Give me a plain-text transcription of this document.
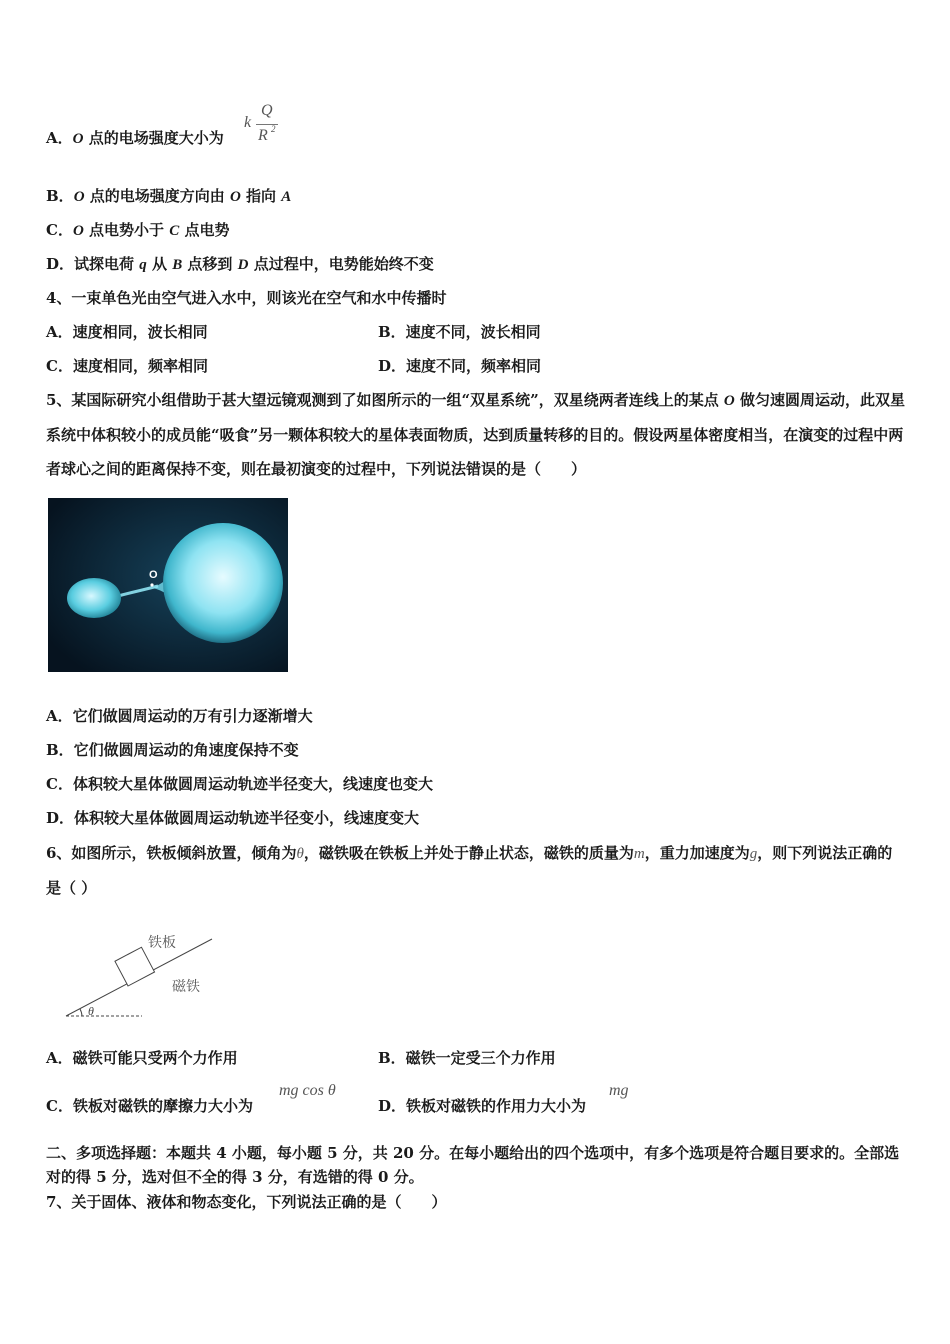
A．O 点的电场强度大小为
k
Q
R 2
B．O 点的电场强度方向由 O 指向 A
C．O 点电势小于 C 点电势
D．试探电荷 q 从 B 点移到 D 点过程中，电势能始终不变
4、一束单色光由空气进入水中，则该光在空气和水中传播时
A．速度相同，波长相同	B．速度不同，波长相同
C．速度相同，频率相同	D．速度不同，频率相同
5、某国际研究小组借助于甚大望远镜观测到了如图所示的一组“双星系统”，双星绕两者连线上的某点 O 做匀速圆周运动，此双星系统中体积较小的成员能“吸食”另一颗体积较大的星体表面物质，达到质量转移的目的。假设两星体密度相当，在演变的过程中两者球心之间的距离保持不变，则在最初演变的过程中，下列说法错误的是（　　）
O
A．它们做圆周运动的万有引力逐渐增大
B．它们做圆周运动的角速度保持不变
C．体积较大星体做圆周运动轨迹半径变大，线速度也变大
D．体积较大星体做圆周运动轨迹半径变小，线速度变大
6、如图所示，铁板倾斜放置，倾角为θ，磁铁吸在铁板上并处于静止状态，磁铁的质量为m，重力加速度为g，则下列说法正确的是（ ）
θ
铁板
磁铁
A．磁铁可能只受两个力作用	B．磁铁一定受三个力作用
C．铁板对磁铁的摩擦力大小为
mg cos θ
D．铁板对磁铁的作用力大小为
mg
二、多项选择题：本题共 4 小题，每小题 5 分，共 20 分。在每小题给出的四个选项中，有多个选项是符合题目要求的。全部选对的得 5 分，选对但不全的得 3 分，有选错的得 0 分。
7、关于固体、液体和物态变化，下列说法正确的是（　　）
